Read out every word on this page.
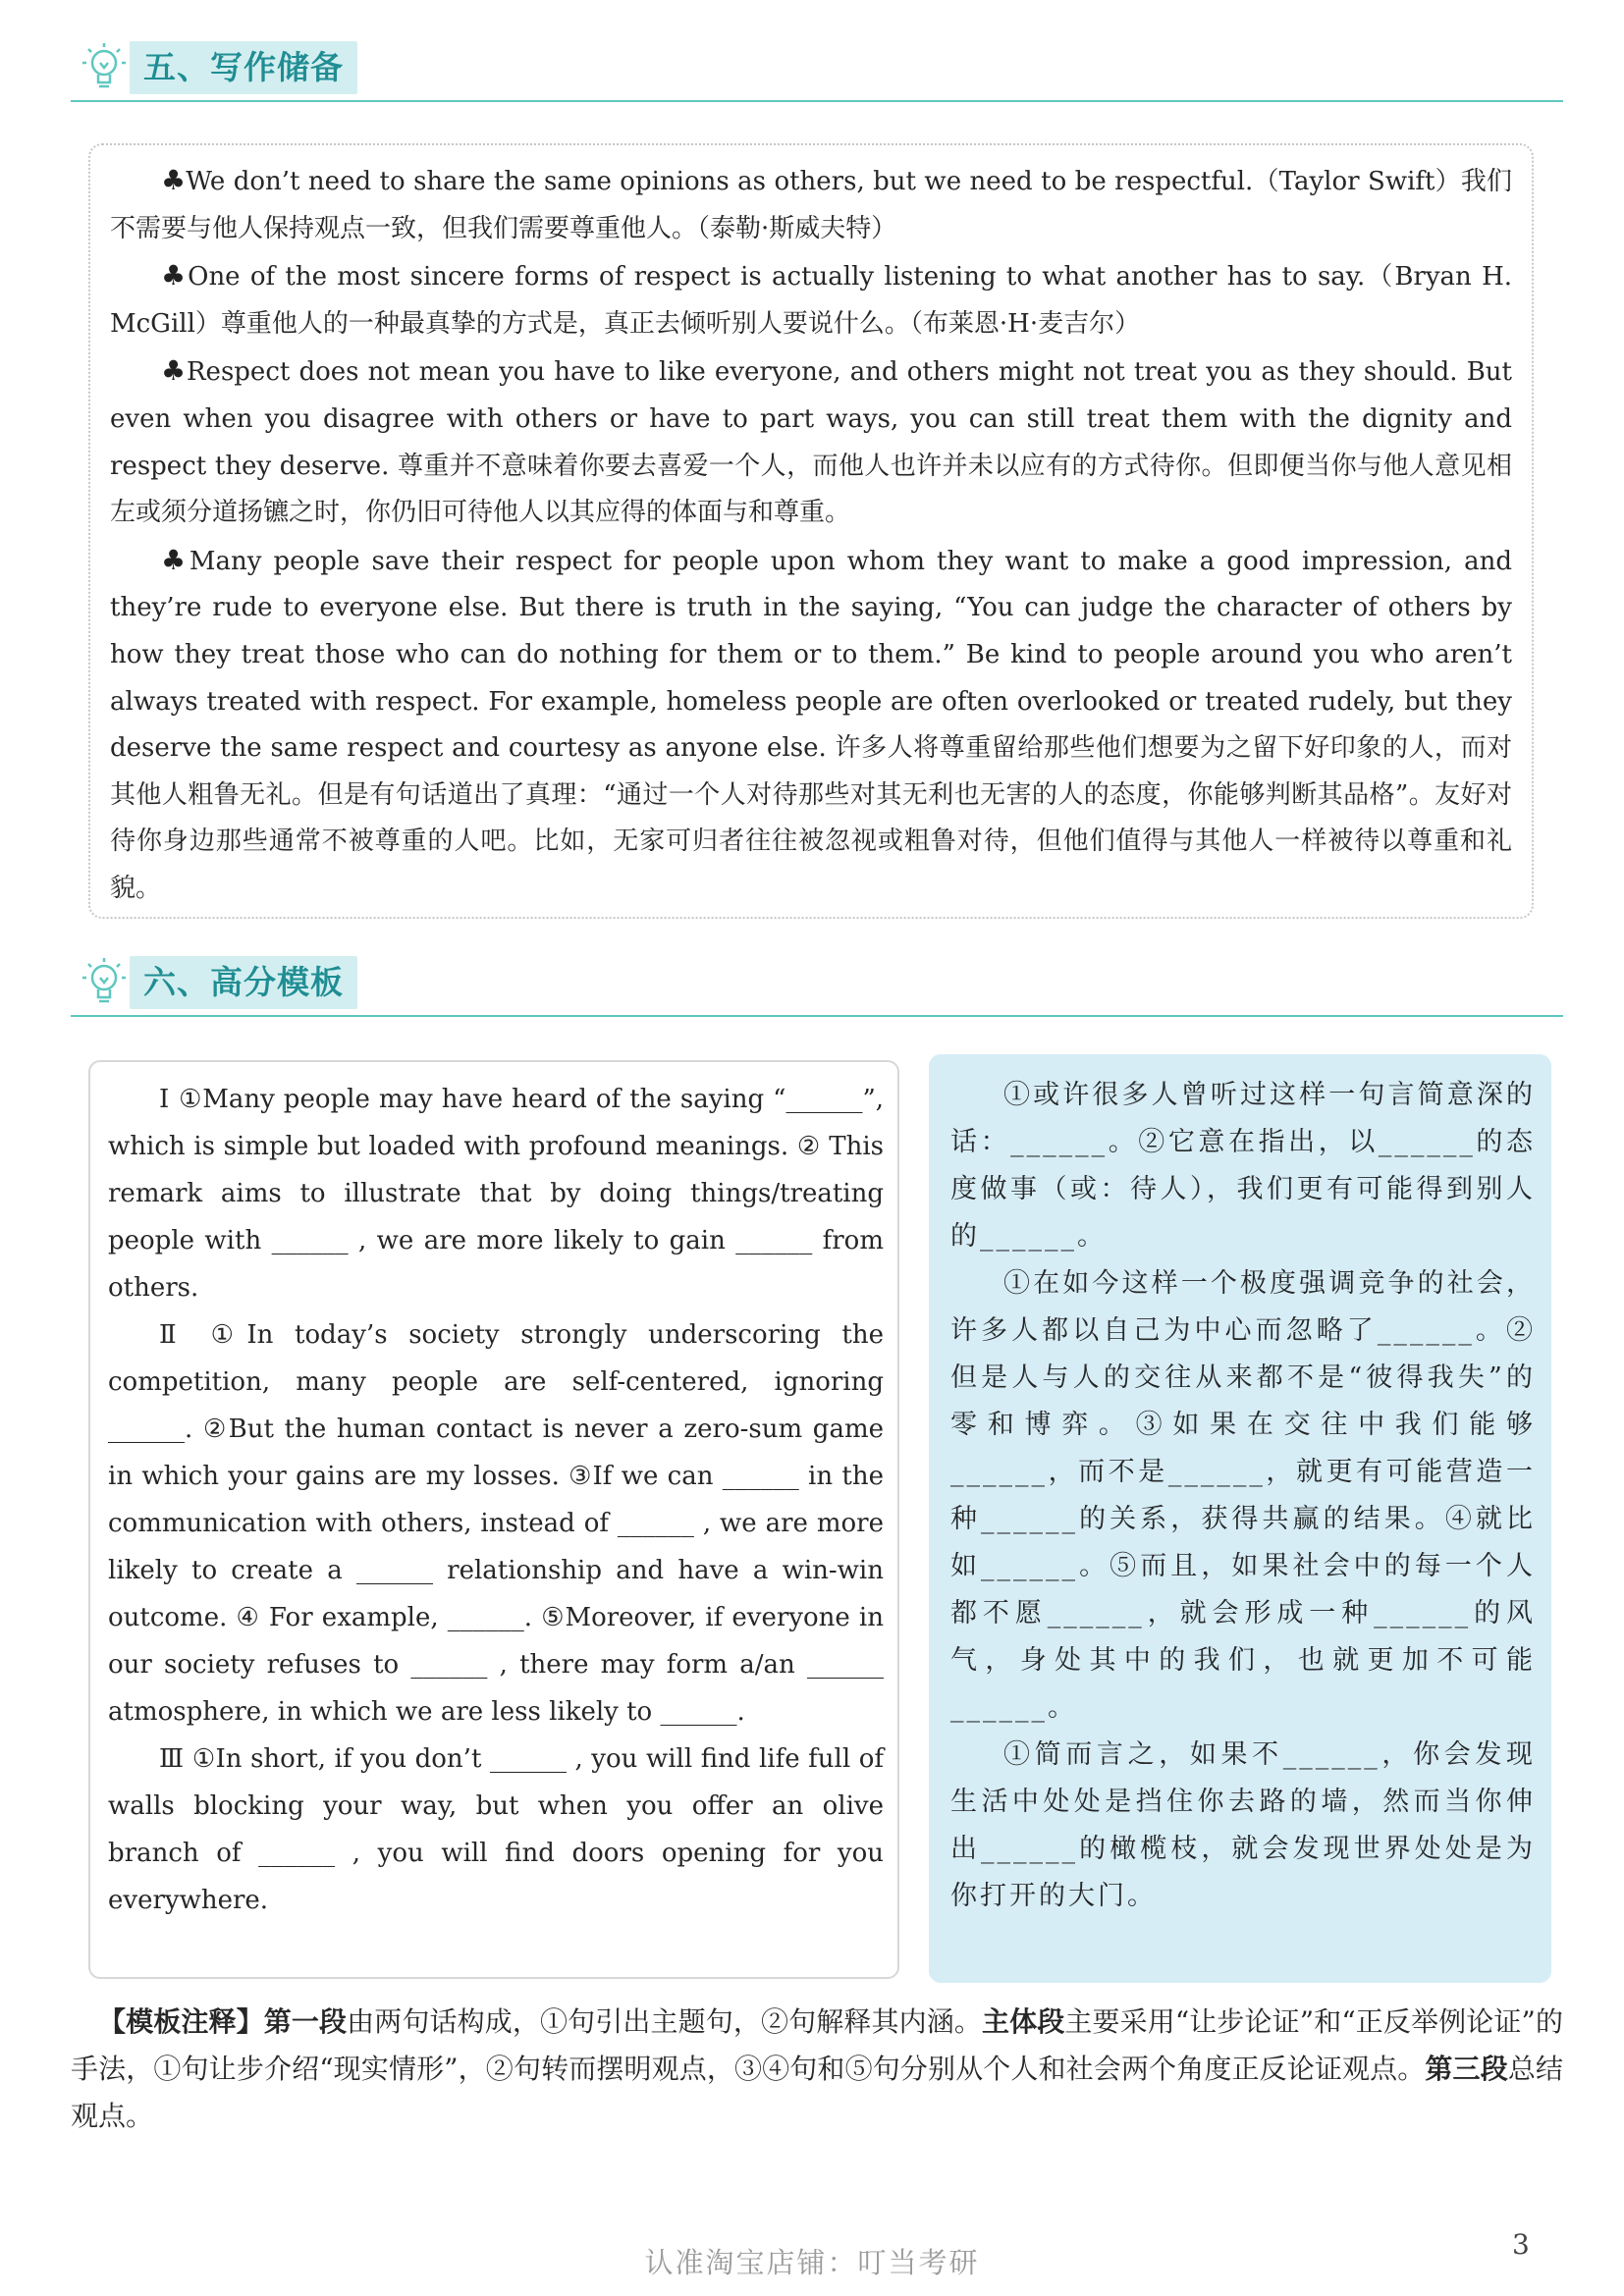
五、写作储备

♣We don’t need to share the same opinions as others, but we need to be respectful.（Taylor Swift）我们不需要与他人保持观点一致，但我们需要尊重他人。（泰勒·斯威夫特）

♣One of the most sincere forms of respect is actually listening to what another has to say.（Bryan H. McGill）尊重他人的一种最真挚的方式是，真正去倾听别人要说什么。（布莱恩·H·麦吉尔）

♣Respect does not mean you have to like everyone, and others might not treat you as they should. But even when you disagree with others or have to part ways, you can still treat them with the dignity and respect they deserve. 尊重并不意味着你要去喜爱一个人，而他人也许并未以应有的方式待你。但即便当你与他人意见相左或须分道扬镳之时，你仍旧可待他人以其应得的体面与和尊重。

♣Many people save their respect for people upon whom they want to make a good impression, and they’re rude to everyone else. But there is truth in the saying, “You can judge the character of others by how they treat those who can do nothing for them or to them.” Be kind to people around you who aren’t always treated with respect. For example, homeless people are often overlooked or treated rudely, but they deserve the same respect and courtesy as anyone else. 许多人将尊重留给那些他们想要为之留下好印象的人，而对其他人粗鲁无礼。但是有句话道出了真理：“通过一个人对待那些对其无利也无害的人的态度，你能够判断其品格”。友好对待你身边那些通常不被尊重的人吧。比如，无家可归者往往被忽视或粗鲁对待，但他们值得与其他人一样被待以尊重和礼貌。

六、高分模板

Ⅰ ①Many people may have heard of the saying “______”, which is simple but loaded with profound meanings. ② This remark aims to illustrate that by doing things/treating people with ______ , we are more likely to gain ______ from others.

Ⅱ ①In today’s society strongly underscoring the competition, many people are self-centered, ignoring ______. ②But the human contact is never a zero-sum game in which your gains are my losses. ③If we can ______ in the communication with others, instead of ______ , we are more likely to create a ______ relationship and have a win-win outcome. ④ For example, ______. ⑤Moreover, if everyone in our society refuses to ______ , there may form a/an ______ atmosphere, in which we are less likely to ______.

Ⅲ ①In short, if you don’t ______ , you will find life full of walls blocking your way, but when you offer an olive branch of ______ , you will find doors opening for you everywhere.

①或许很多人曾听过这样一句言简意深的话：______。②它意在指出，以______的态度做事（或：待人），我们更有可能得到别人的______。

①在如今这样一个极度强调竞争的社会，许多人都以自己为中心而忽略了______。②但是人与人的交往从来都不是“彼得我失”的零和博弈。③如果在交往中我们能够______，而不是______，就更有可能营造一种______的关系，获得共赢的结果。④就比如______。⑤而且，如果社会中的每一个人都不愿______，就会形成一种______的风气，身处其中的我们，也就更加不可能______。

①简而言之，如果不______，你会发现生活中处处是挡住你去路的墙，然而当你伸出______的橄榄枝，就会发现世界处处是为你打开的大门。

【模板注释】第一段由两句话构成，①句引出主题句，②句解释其内涵。主体段主要采用“让步论证”和“正反举例论证”的手法，①句让步介绍“现实情形”，②句转而摆明观点，③④句和⑤句分别从个人和社会两个角度正反论证观点。第三段总结观点。

3
认准淘宝店铺：叮当考研
